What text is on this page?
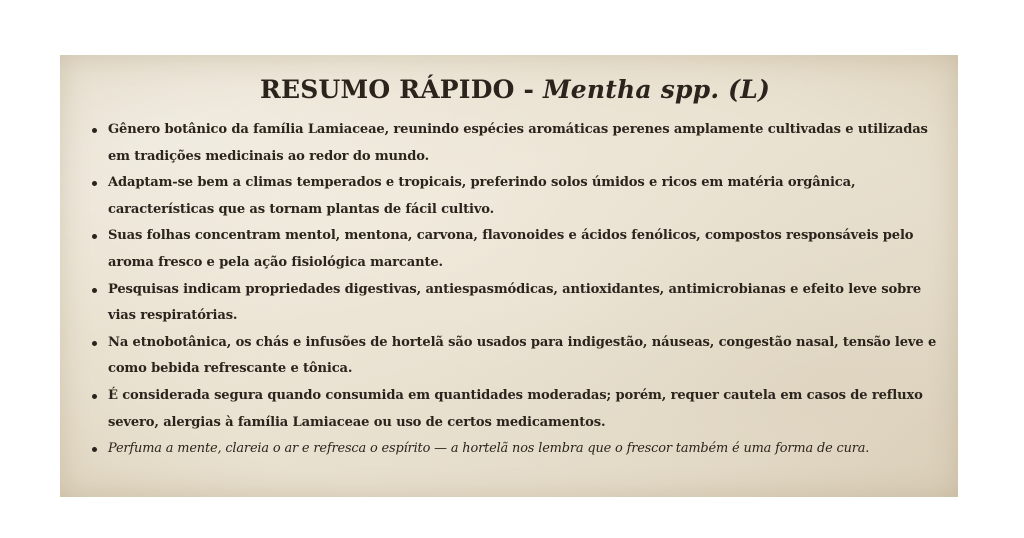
RESUMO RÁPIDO - Mentha spp. (L)
Gênero botânico da família Lamiaceae, reunindo espécies aromáticas perenes amplamente cultivadas e utilizadas em tradições medicinais ao redor do mundo.
Adaptam-se bem a climas temperados e tropicais, preferindo solos úmidos e ricos em matéria orgânica, características que as tornam plantas de fácil cultivo.
Suas folhas concentram mentol, mentona, carvona, flavonoides e ácidos fenólicos, compostos responsáveis pelo aroma fresco e pela ação fisiológica marcante.
Pesquisas indicam propriedades digestivas, antiespasmódicas, antioxidantes, antimicrobianas e efeito leve sobre vias respiratórias.
Na etnobotânica, os chás e infusões de hortelã são usados para indigestão, náuseas, congestão nasal, tensão leve e como bebida refrescante e tônica.
É considerada segura quando consumida em quantidades moderadas; porém, requer cautela em casos de refluxo severo, alergias à família Lamiaceae ou uso de certos medicamentos.
Perfuma a mente, clareia o ar e refresca o espírito — a hortelã nos lembra que o frescor também é uma forma de cura.
